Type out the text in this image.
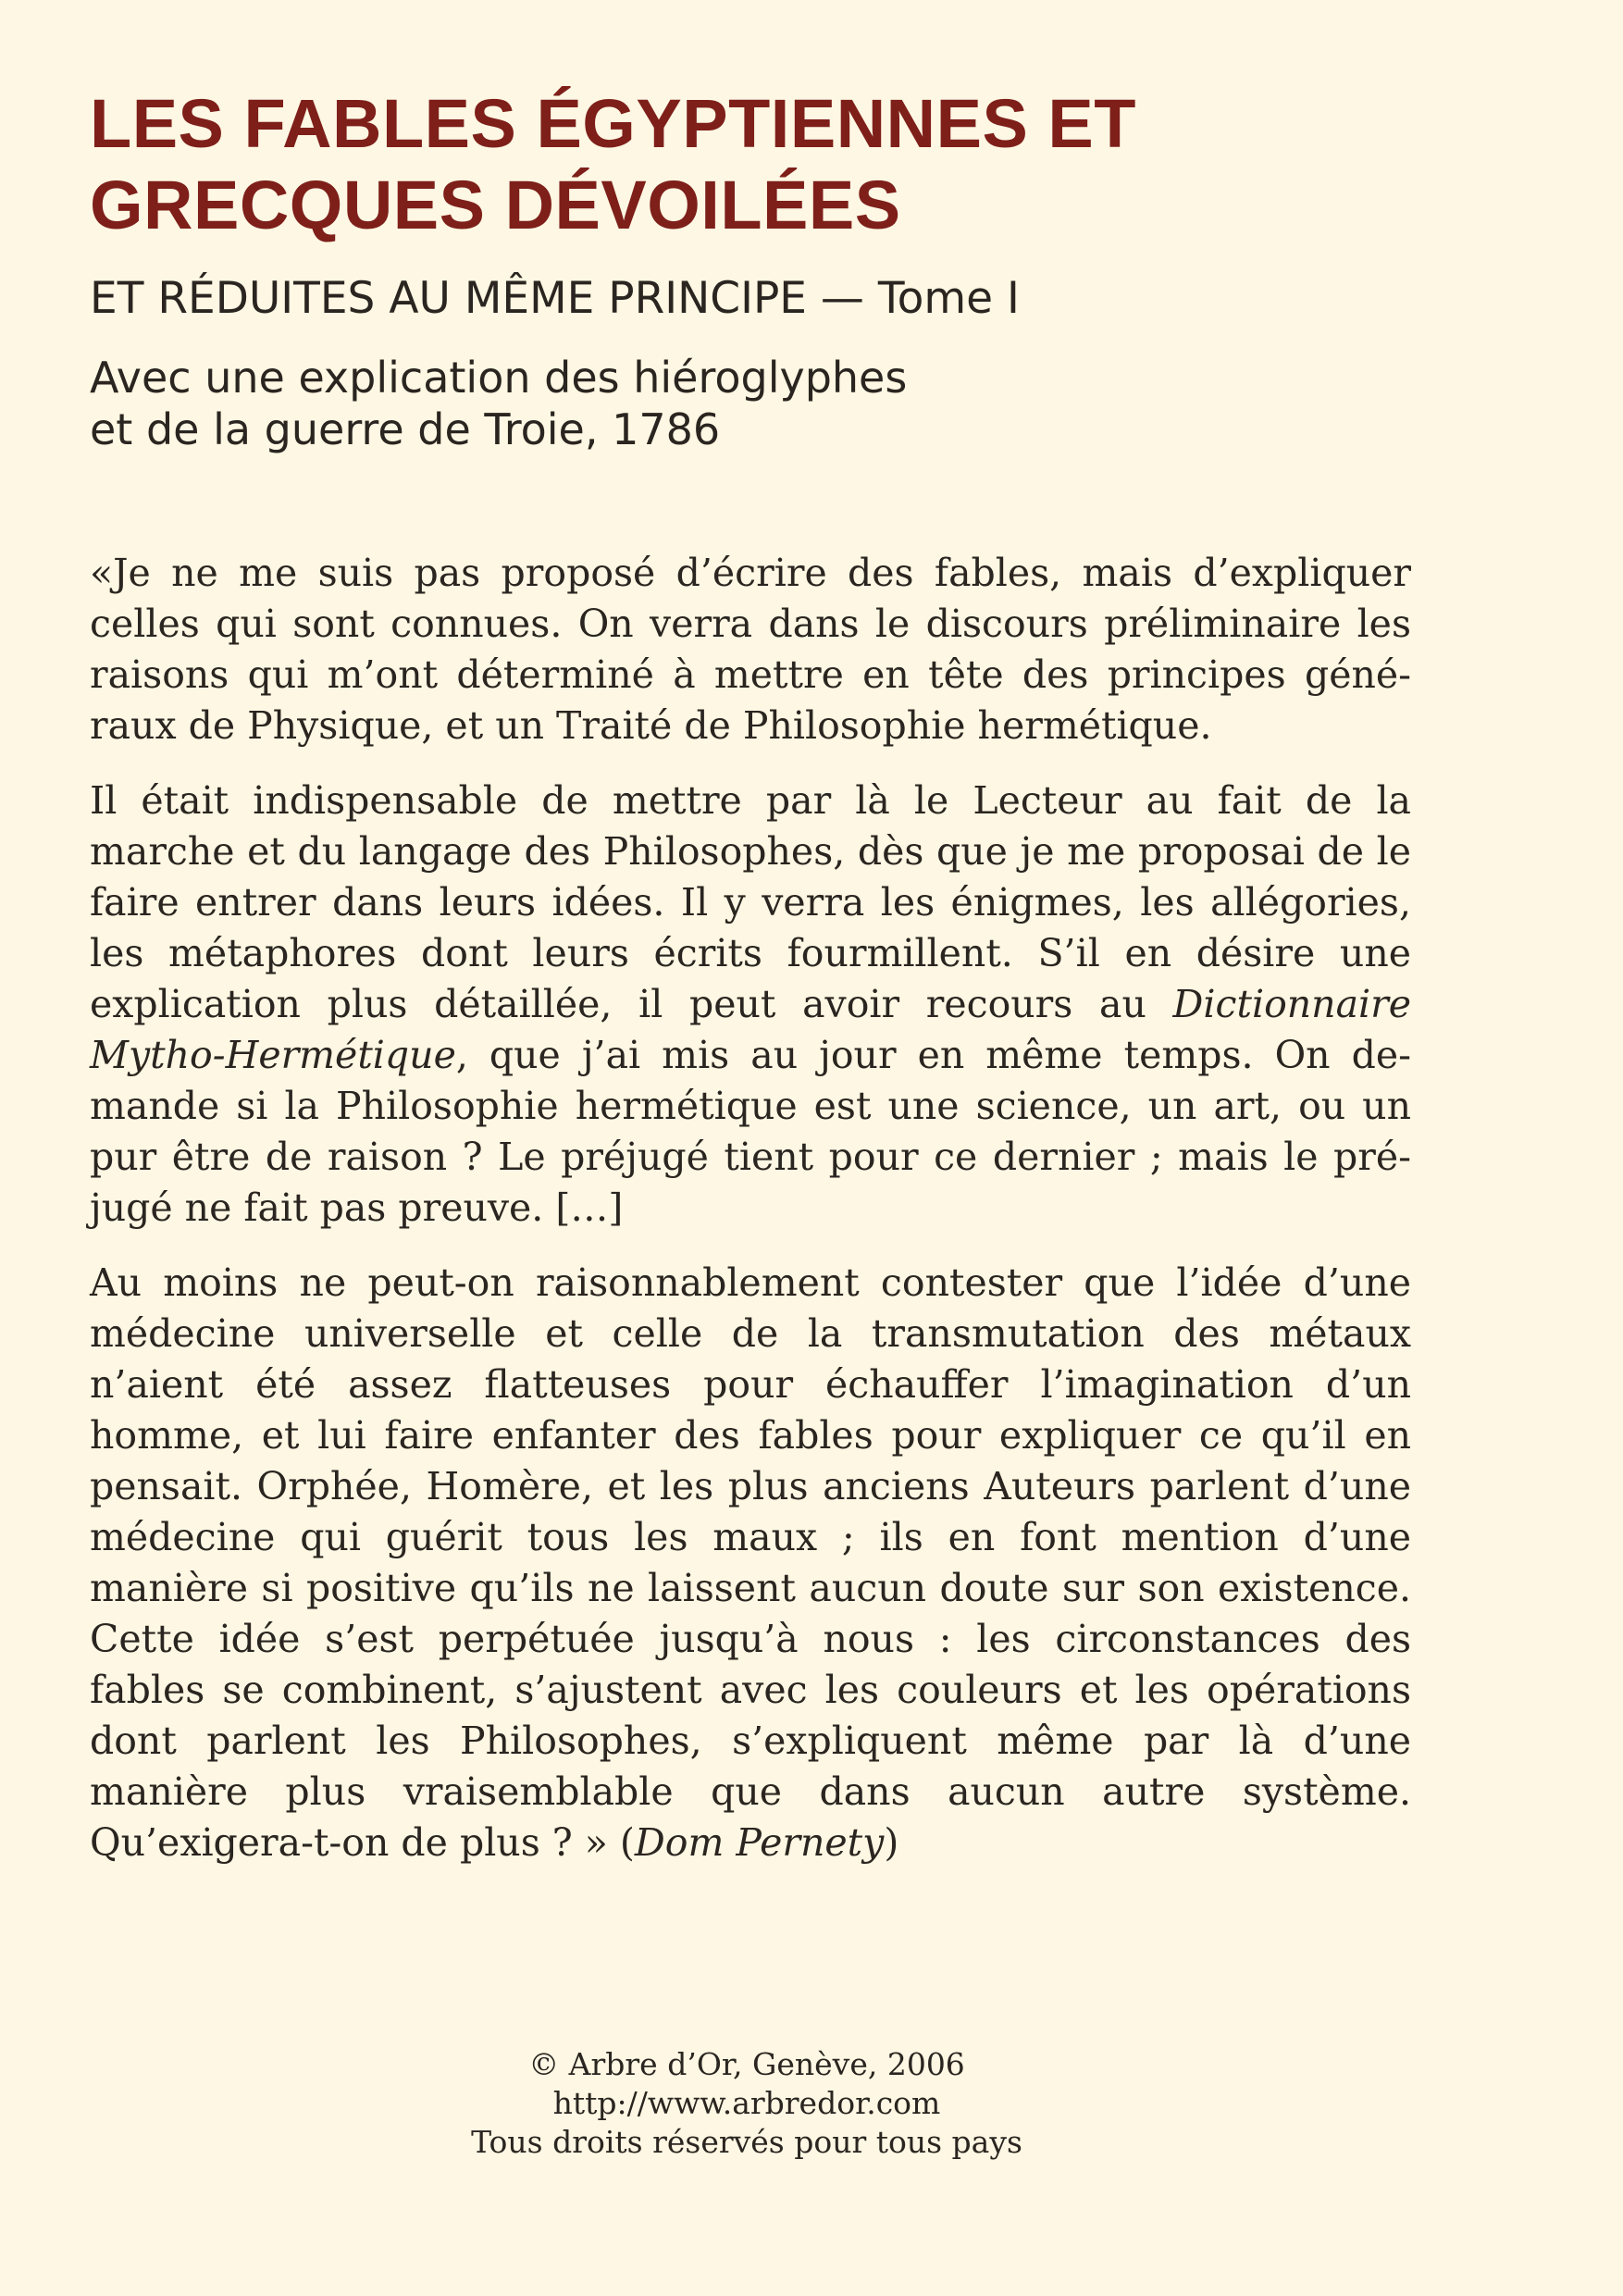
LES FABLES ÉGYPTIENNES ET
GRECQUES DÉVOILÉES
ET RÉDUITES AU MÊME PRINCIPE — Tome I
Avec une explication des hiéroglyphes
et de la guerre de Troie, 1786

«Je ne me suis pas proposé d’écrire des fables, mais d’expliquer celles qui sont connues. On verra dans le discours préliminaire les raisons qui m’ont déterminé à mettre en tête des principes généraux de Physique, et un Traité de Philosophie hermétique.

Il était indispensable de mettre par là le Lecteur au fait de la marche et du langage des Philosophes, dès que je me proposai de le faire entrer dans leurs idées. Il y verra les énigmes, les allégories, les métaphores dont leurs écrits fourmillent. S’il en désire une explication plus détaillée, il peut avoir recours au Dictionnaire Mytho-Hermétique, que j’ai mis au jour en même temps. On demande si la Philosophie hermétique est une science, un art, ou un pur être de raison ? Le préjugé tient pour ce dernier ; mais le préjugé ne fait pas preuve. […]

Au moins ne peut-on raisonnablement contester que l’idée d’une médecine universelle et celle de la transmutation des métaux n’aient été assez flatteuses pour échauffer l’imagination d’un homme, et lui faire enfanter des fables pour expliquer ce qu’il en pensait. Orphée, Homère, et les plus anciens Auteurs parlent d’une médecine qui guérit tous les maux ; ils en font mention d’une manière si positive qu’ils ne laissent aucun doute sur son existence. Cette idée s’est perpétuée jusqu’à nous : les circonstances des fables se combinent, s’ajustent avec les couleurs et les opérations dont parlent les Philosophes, s’expliquent même par là d’une manière plus vraisemblable que dans aucun autre système. Qu’exigera-t-on de plus ? » (Dom Pernety)

© Arbre d’Or, Genève, 2006
http://www.arbredor.com
Tous droits réservés pour tous pays
